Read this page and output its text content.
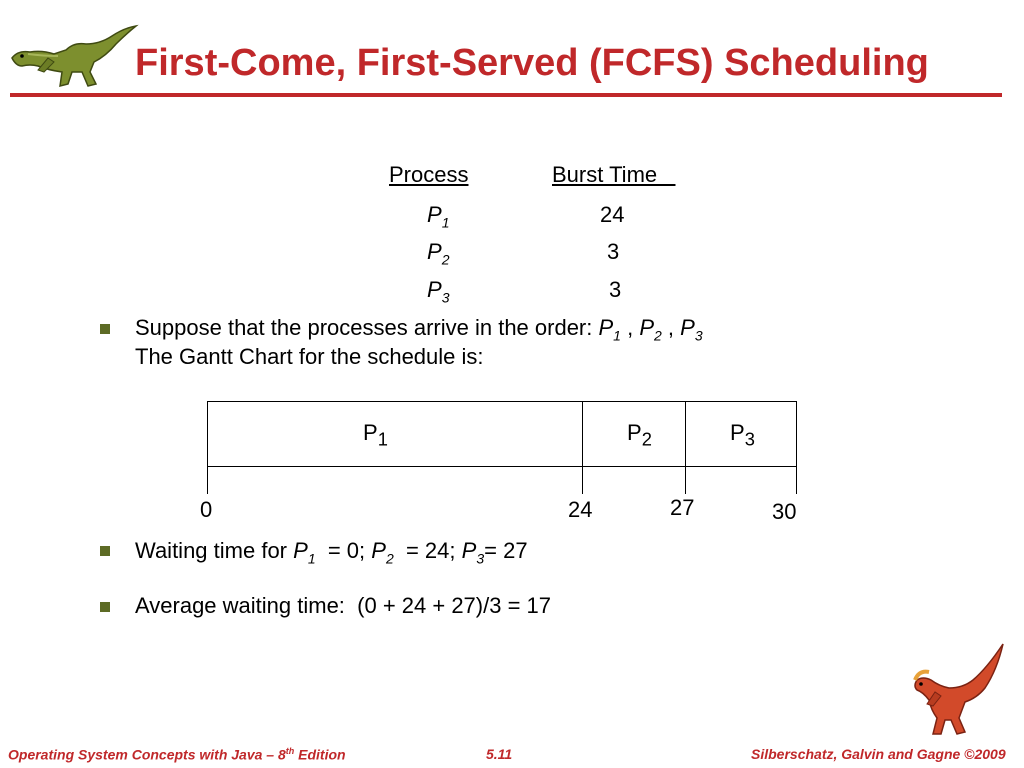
First-Come, First-Served (FCFS) Scheduling
Process	Burst Time
$P_1$	24
$P_2$	3
$P_3$	3
Suppose that the processes arrive in the order: $P_1$ , $P_2$ , $P_3$
The Gantt Chart for the schedule is:
$P_1$	$P_2$	$P_3$
0	24	27	30
Waiting time for $P_1 = 0$; $P_2 = 24$; $P_3= 27$
Average waiting time:  (0 + 24 + 27)/3 = 17
Operating System Concepts with Java – 8th Edition	5.11	Silberschatz, Galvin and Gagne ©2009
